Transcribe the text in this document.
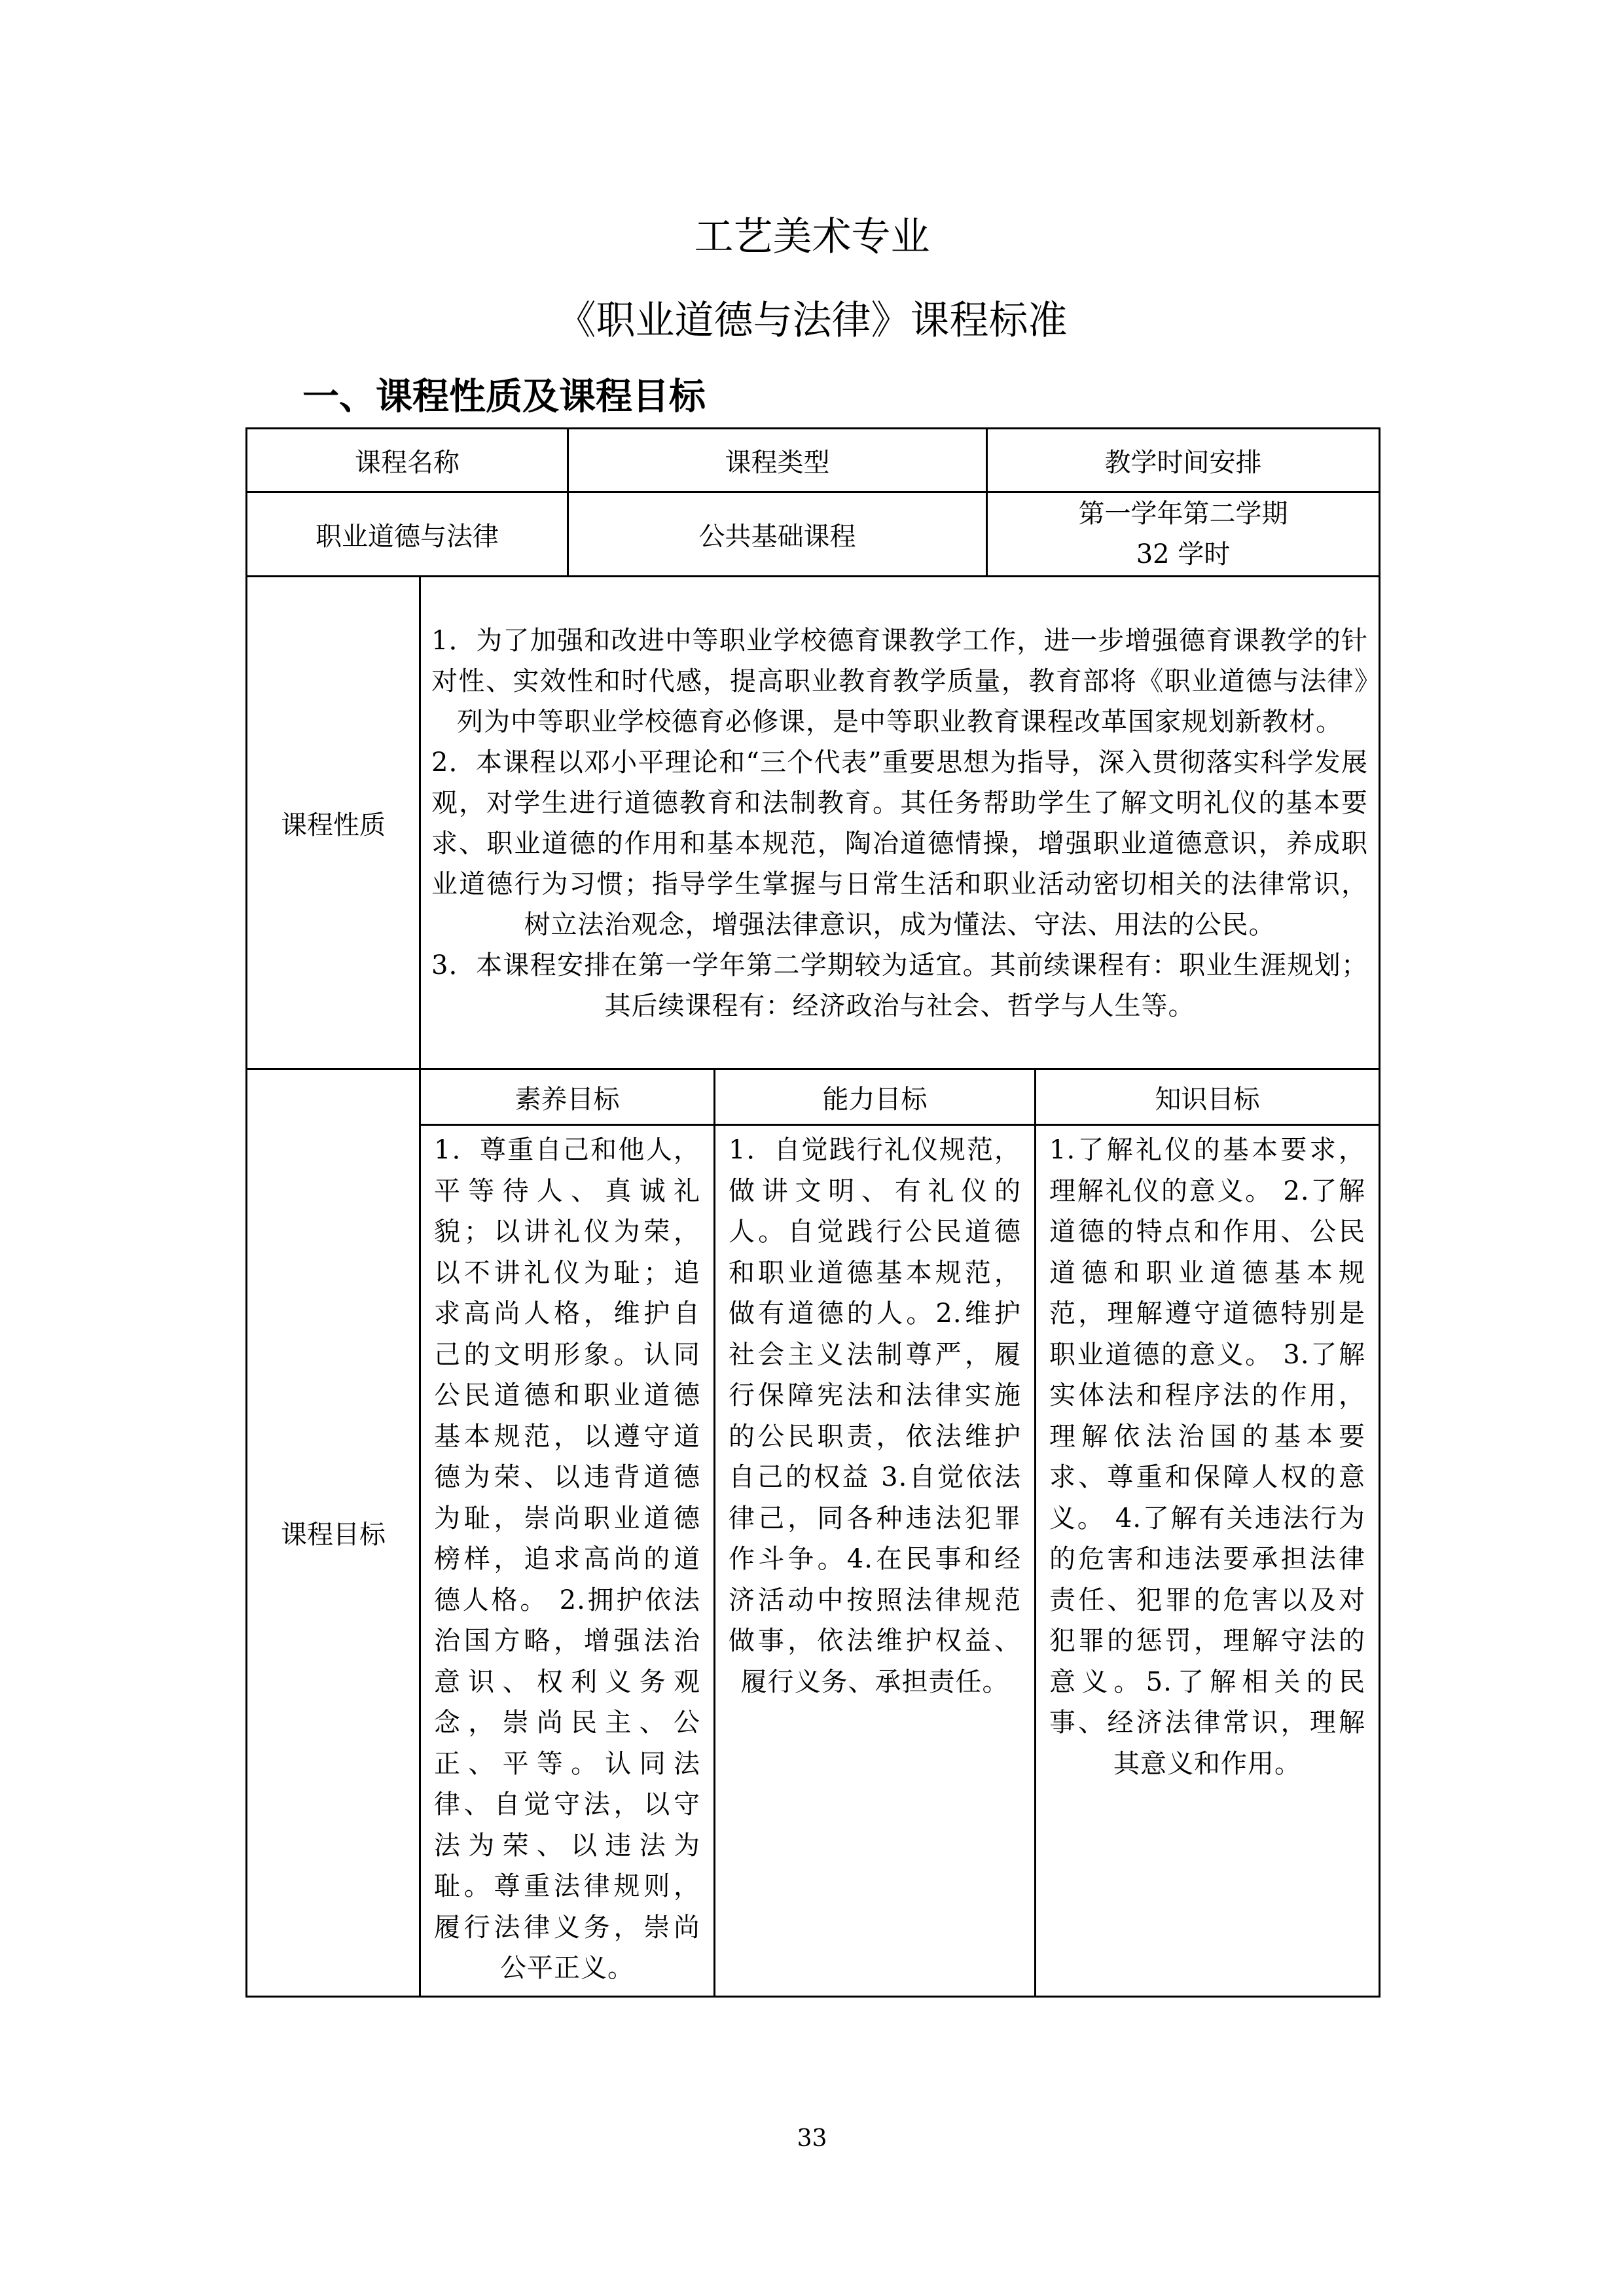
工艺美术专业
《职业道德与法律》课程标准
一、课程性质及课程目标
课程名称	课程类型	教学时间安排
职业道德与法律	公共基础课程	第一学年第二学期
32 学时
课程性质	1．为了加强和改进中等职业学校德育课教学工作，进一步增强德育课教学的针对性、实效性和时代感，提高职业教育教学质量，教育部将《职业道德与法律》列为中等职业学校德育必修课，是中等职业教育课程改革国家规划新教材。

2．本课程以邓小平理论和“三个代表”重要思想为指导，深入贯彻落实科学发展观，对学生进行道德教育和法制教育。其任务帮助学生了解文明礼仪的基本要求、职业道德的作用和基本规范，陶冶道德情操，增强职业道德意识，养成职业道德行为习惯；指导学生掌握与日常生活和职业活动密切相关的法律常识，树立法治观念，增强法律意识，成为懂法、守法、用法的公民。

3．本课程安排在第一学年第二学期较为适宜。其前续课程有：职业生涯规划；其后续课程有：经济政治与社会、哲学与人生等。		

课程目标	素养目标	能力目标	知识目标
	1．尊重自己和他人，平等待人、真诚礼貌；以讲礼仪为荣，以不讲礼仪为耻；追求高尚人格，维护自己的文明形象。认同公民道德和职业道德基本规范，以遵守道德为荣、以违背道德为耻，崇尚职业道德榜样，追求高尚的道德人格。 2.拥护依法治国方略，增强法治意识、权利义务观念，崇尚民主、公正、平等。认同法律、自觉守法，以守法为荣、以违法为耻。尊重法律规则，履行法律义务，崇尚公平正义。	1．自觉践行礼仪规范，做讲文明、有礼仪的人。自觉践行公民道德和职业道德基本规范，做有道德的人。2.维护社会主义法制尊严，履行保障宪法和法律实施的公民职责，依法维护自己的权益 3.自觉依法律己，同各种违法犯罪作斗争。4.在民事和经济活动中按照法律规范做事，依法维护权益、履行义务、承担责任。	1.了解礼仪的基本要求，理解礼仪的意义。 2.了解道德的特点和作用、公民道德和职业道德基本规范，理解遵守道德特别是职业道德的意义。 3.了解实体法和程序法的作用，理解依法治国的基本要求、尊重和保障人权的意义。 4.了解有关违法行为的危害和违法要承担法律责任、犯罪的危害以及对犯罪的惩罚，理解守法的意义。5.了解相关的民事、经济法律常识，理解其意义和作用。

33
